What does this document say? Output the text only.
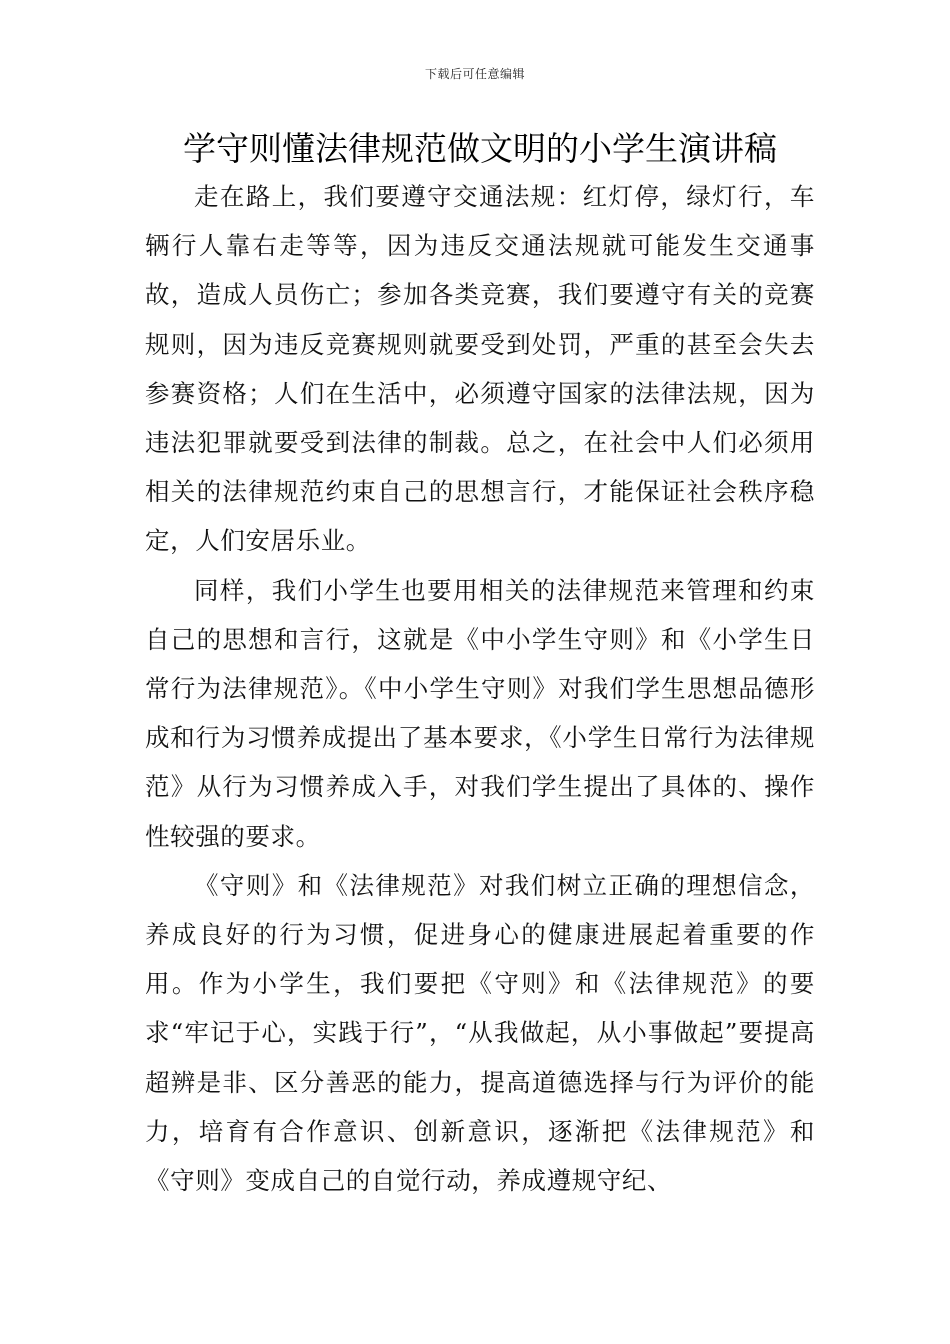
下载后可任意编辑
学守则懂法律规范做文明的小学生演讲稿

走在路上，我们要遵守交通法规：红灯停，绿灯行，车辆行人靠右走等等，因为违反交通法规就可能发生交通事故，造成人员伤亡；参加各类竞赛，我们要遵守有关的竞赛规则，因为违反竞赛规则就要受到处罚，严重的甚至会失去参赛资格；人们在生活中，必须遵守国家的法律法规，因为违法犯罪就要受到法律的制裁。总之，在社会中人们必须用相关的法律规范约束自己的思想言行，才能保证社会秩序稳定，人们安居乐业。

同样，我们小学生也要用相关的法律规范来管理和约束自己的思想和言行，这就是《中小学生守则》和《小学生日常行为法律规范》。《中小学生守则》对我们学生思想品德形成和行为习惯养成提出了基本要求，《小学生日常行为法律规范》从行为习惯养成入手，对我们学生提出了具体的、操作性较强的要求。

《守则》和《法律规范》对我们树立正确的理想信念，养成良好的行为习惯，促进身心的健康进展起着重要的作用。作为小学生，我们要把《守则》和《法律规范》的要求“牢记于心，实践于行”，“从我做起，从小事做起”要提高超辨是非、区分善恶的能力，提高道德选择与行为评价的能力，培育有合作意识、创新意识，逐渐把《法律规范》和《守则》变成自己的自觉行动，养成遵规守纪、
